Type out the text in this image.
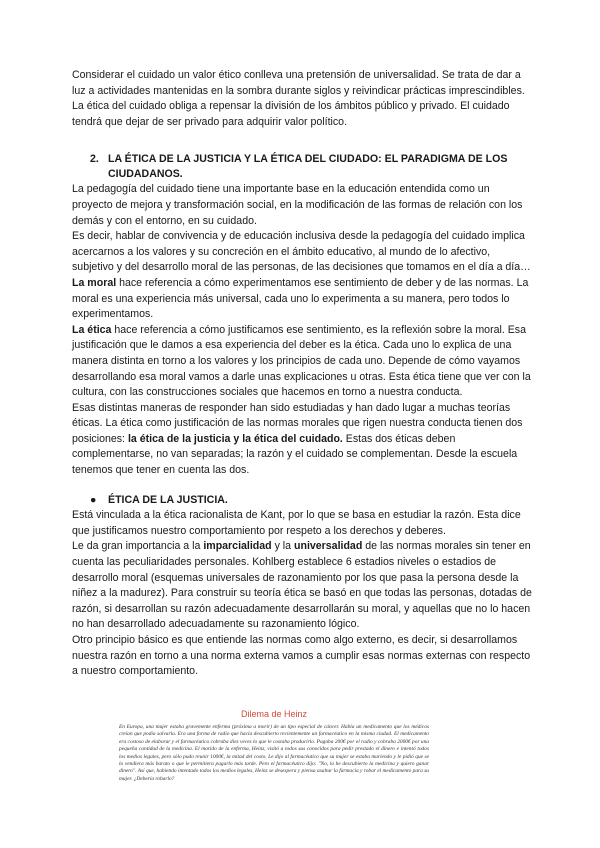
Considerar el cuidado un valor ético conlleva una pretensión de universalidad. Se trata de dar a luz a actividades mantenidas en la sombra durante siglos y reivindicar prácticas imprescindibles. La ética del cuidado obliga a repensar la división de los ámbitos público y privado. El cuidado tendrá que dejar de ser privado para adquirir valor político.

2. LA ÉTICA DE LA JUSTICIA Y LA ÉTICA DEL CIUDADO: EL PARADIGMA DE LOS CIUDADANOS.

La pedagogía del cuidado tiene una importante base en la educación entendida como un proyecto de mejora y transformación social, en la modificación de las formas de relación con los demás y con el entorno, en su cuidado.

Es decir, hablar de convivencia y de educación inclusiva desde la pedagogía del cuidado implica acercarnos a los valores y su concreción en el ámbito educativo, al mundo de lo afectivo, subjetivo y del desarrollo moral de las personas, de las decisiones que tomamos en el día a día…

La moral hace referencia a cómo experimentamos ese sentimiento de deber y de las normas. La moral es una experiencia más universal, cada uno lo experimenta a su manera, pero todos lo experimentamos.

La ética hace referencia a cómo justificamos ese sentimiento, es la reflexión sobre la moral. Esa justificación que le damos a esa experiencia del deber es la ética. Cada uno lo explica de una manera distinta en torno a los valores y los principios de cada uno. Depende de cómo vayamos desarrollando esa moral vamos a darle unas explicaciones u otras. Esta ética tiene que ver con la cultura, con las construcciones sociales que hacemos en torno a nuestra conducta.

Esas distintas maneras de responder han sido estudiadas y han dado lugar a muchas teorías éticas. La ética como justificación de las normas morales que rigen nuestra conducta tienen dos posiciones: la ética de la justicia y la ética del cuidado. Estas dos éticas deben complementarse, no van separadas; la razón y el cuidado se complementan. Desde la escuela tenemos que tener en cuenta las dos.

● ÉTICA DE LA JUSTICIA.

Está vinculada a la ética racionalista de Kant, por lo que se basa en estudiar la razón. Esta dice que justificamos nuestro comportamiento por respeto a los derechos y deberes.

Le da gran importancia a la imparcialidad y la universalidad de las normas morales sin tener en cuenta las peculiaridades personales. Kohlberg establece 6 estadios niveles o estadios de desarrollo moral (esquemas universales de razonamiento por los que pasa la persona desde la niñez a la madurez). Para construir su teoría ética se basó en que todas las personas, dotadas de razón, si desarrollan su razón adecuadamente desarrollarán su moral, y aquellas que no lo hacen no han desarrollado adecuadamente su razonamiento lógico.

Otro principio básico es que entiende las normas como algo externo, es decir, si desarrollamos nuestra razón en torno a una norma externa vamos a cumplir esas normas externas con respecto a nuestro comportamiento.

Dilema de Heinz
En Europa, una mujer estaba gravemente enferma (próxima a morir) de un tipo especial de cáncer. Había un medicamento que los médicos creían que podía salvarla. Era una forma de radio que hacía descubierto recientemente un farmacéutico en la misma ciudad. El medicamento era costoso de elaborar y el farmacéutico cobraba diez veces lo que le costaba producirlo. Pagaba 200€ por el radio y cobraba 2000€ por una pequeña cantidad de la medicina. El marido de la enferma, Heinz, visitó a todos sus conocidos para pedir prestado el dinero e intentó todos los medios legales, pero sólo pudo reunir 1000€, la mitad del costo. Le dijo al farmacéutico que su mujer se estaba muriendo y le pidió que se lo vendiera más barato o que le permitiera pagarlo más tarde. Pero el farmacéutico dijo: "No, lo he descubierto la medicina y quiero ganar dinero". Así que, habiendo intentado todos los medios legales, Heinz se desespera y piensa asaltar la farmacia y robar el medicamento para su mujer. ¿Debería robarlo?
